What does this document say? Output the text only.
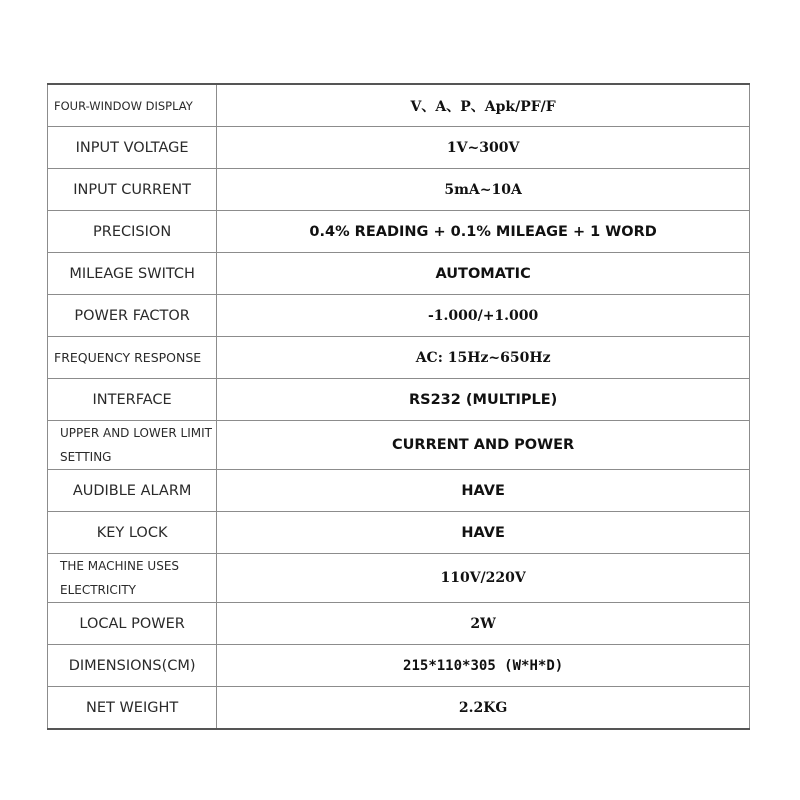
FOUR-WINDOW DISPLAY	V、A、P、Apk/PF/F
INPUT VOLTAGE	1V~300V
INPUT CURRENT	5mA~10A
PRECISION	0.4% READING + 0.1% MILEAGE + 1 WORD
MILEAGE SWITCH	AUTOMATIC
POWER FACTOR	-1.000/+1.000
FREQUENCY RESPONSE	AC: 15Hz~650Hz
INTERFACE	RS232 (MULTIPLE)
UPPER AND LOWER LIMIT SETTING	CURRENT AND POWER
AUDIBLE ALARM	HAVE
KEY LOCK	HAVE
THE MACHINE USES ELECTRICITY	110V/220V
LOCAL POWER	2W
DIMENSIONS(CM)	215*110*305 (W*H*D)
NET WEIGHT	2.2KG
